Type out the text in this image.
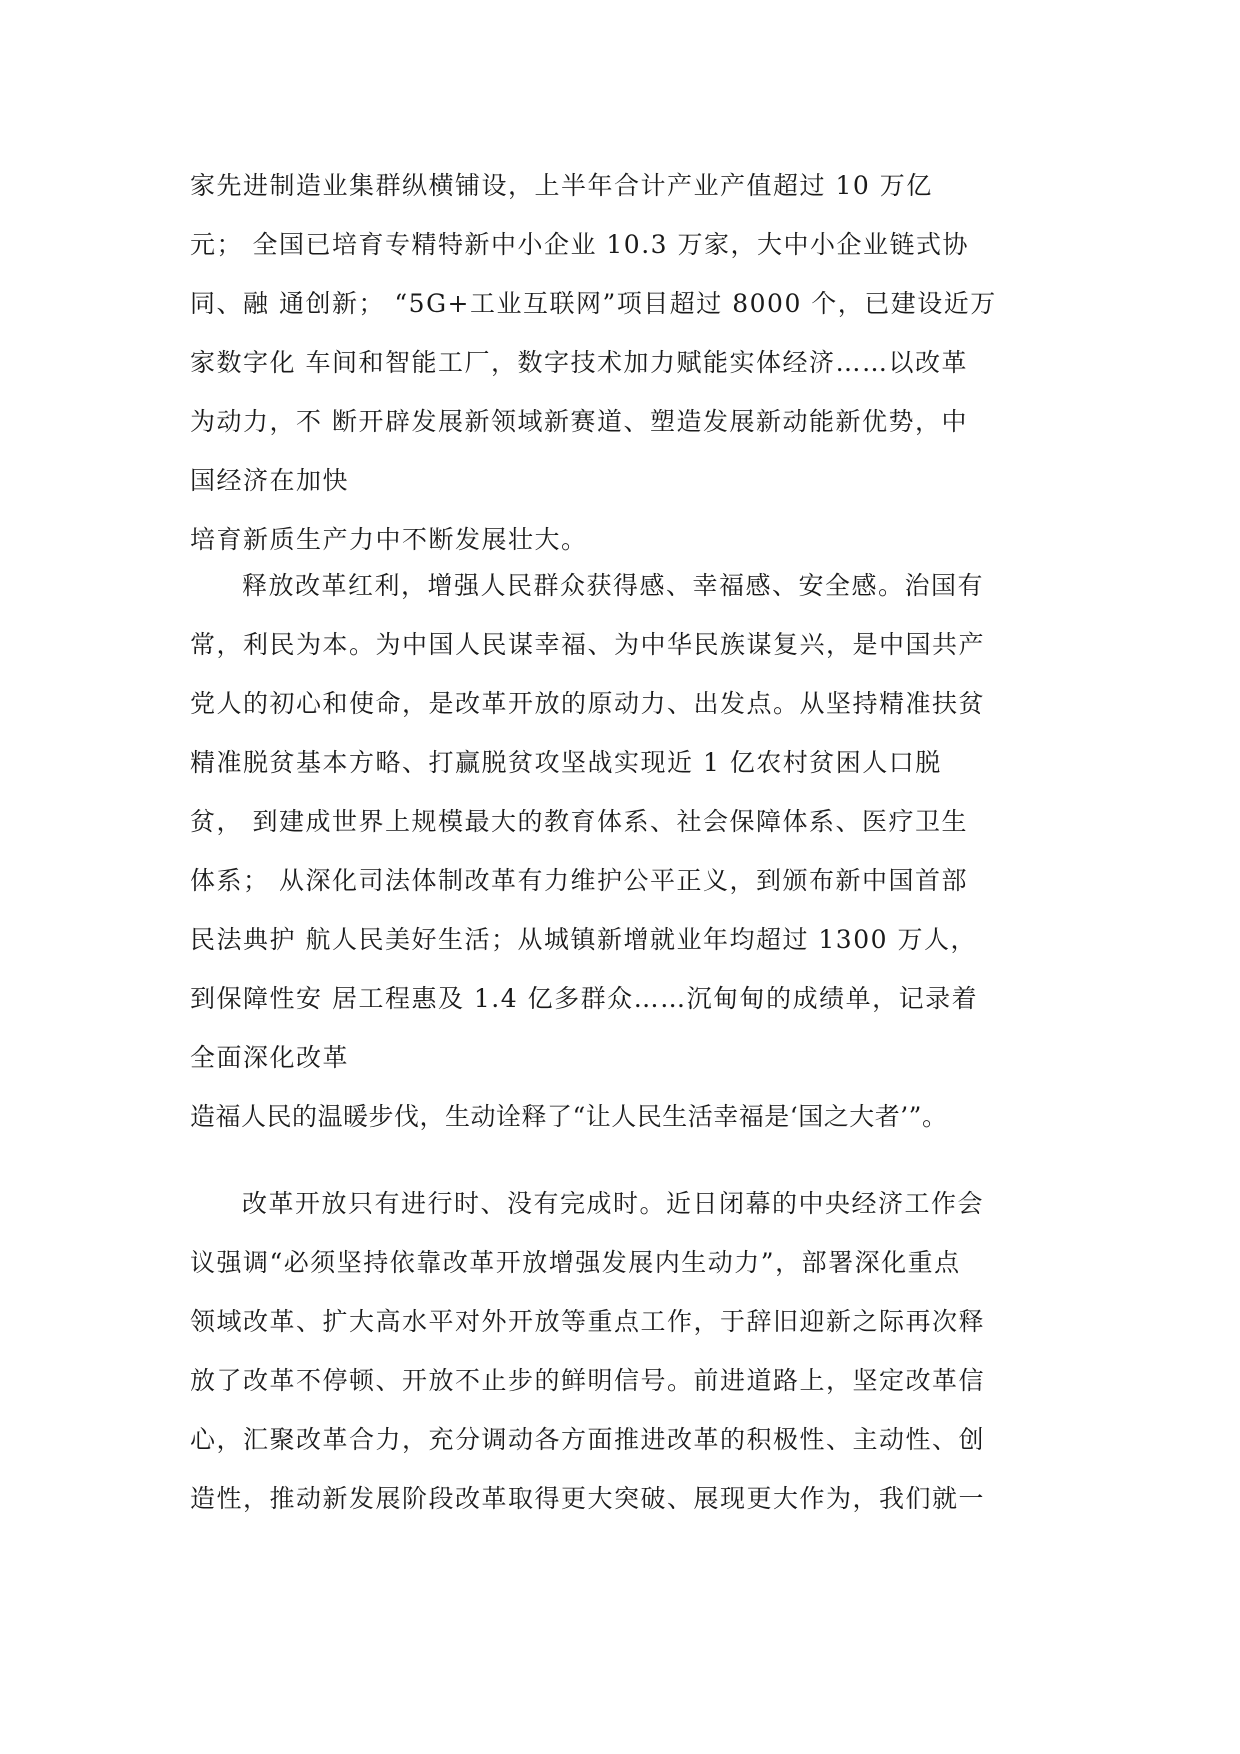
家先进制造业集群纵横铺设，上半年合计产业产值超过 10 万亿
元； 全国已培育专精特新中小企业 10.3 万家，大中小企业链式协
同、融 通创新； “5G+工业互联网”项目超过 8000 个，已建设近万
家数字化 车间和智能工厂，数字技术加力赋能实体经济……以改革
为动力，不 断开辟发展新领域新赛道、塑造发展新动能新优势，中
国经济在加快
培育新质生产力中不断发展壮大。
释放改革红利，增强人民群众获得感、幸福感、安全感。治国有
常，利民为本。为中国人民谋幸福、为中华民族谋复兴，是中国共产
党人的初心和使命，是改革开放的原动力、出发点。从坚持精准扶贫
精准脱贫基本方略、打赢脱贫攻坚战实现近 1 亿农村贫困人口脱
贫， 到建成世界上规模最大的教育体系、社会保障体系、医疗卫生
体系； 从深化司法体制改革有力维护公平正义，到颁布新中国首部
民法典护 航人民美好生活；从城镇新增就业年均超过 1300 万人，
到保障性安 居工程惠及 1.4 亿多群众……沉甸甸的成绩单，记录着
全面深化改革
造福人民的温暖步伐，生动诠释了“让人民生活幸福是‘国之大者’”。
改革开放只有进行时、没有完成时。近日闭幕的中央经济工作会
议强调“必须坚持依靠改革开放增强发展内生动力”，部署深化重点
领域改革、扩大高水平对外开放等重点工作，于辞旧迎新之际再次释
放了改革不停顿、开放不止步的鲜明信号。前进道路上，坚定改革信
心，汇聚改革合力，充分调动各方面推进改革的积极性、主动性、创
造性，推动新发展阶段改革取得更大突破、展现更大作为，我们就一
